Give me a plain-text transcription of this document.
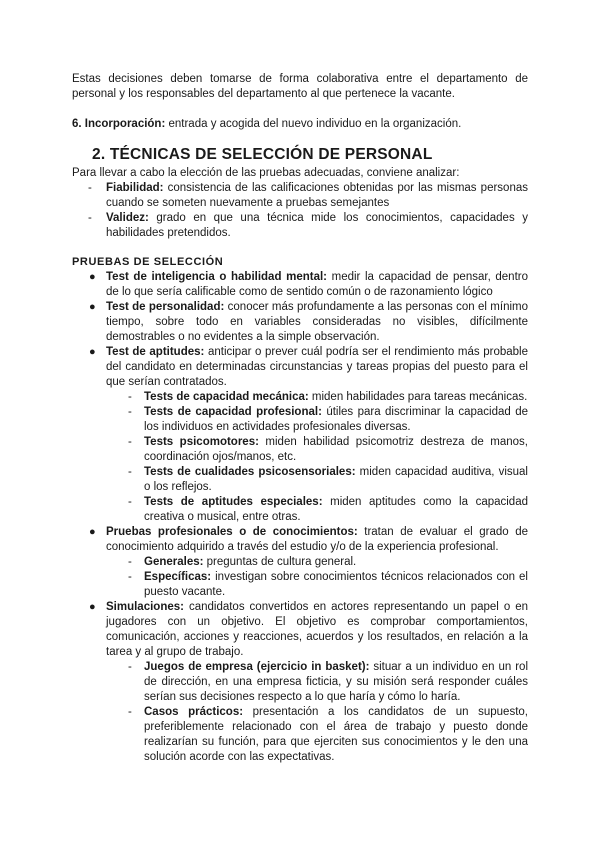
Estas decisiones deben tomarse de forma colaborativa entre el departamento de personal y los responsables del departamento al que pertenece la vacante.

6. Incorporación: entrada y acogida del nuevo individuo en la organización.

2. TÉCNICAS DE SELECCIÓN DE PERSONAL

Para llevar a cabo la elección de las pruebas adecuadas, conviene analizar:

- Fiabilidad: consistencia de las calificaciones obtenidas por las mismas personas cuando se someten nuevamente a pruebas semejantes
- Validez: grado en que una técnica mide los conocimientos, capacidades y habilidades pretendidos.
PRUEBAS DE SELECCIÓN
● Test de inteligencia o habilidad mental: medir la capacidad de pensar, dentro de lo que sería calificable como de sentido común o de razonamiento lógico
● Test de personalidad: conocer más profundamente a las personas con el mínimo tiempo, sobre todo en variables consideradas no visibles, difícilmente demostrables o no evidentes a la simple observación.
● Test de aptitudes: anticipar o prever cuál podría ser el rendimiento más probable del candidato en determinadas circunstancias y tareas propias del puesto para el que serían contratados.
- Tests de capacidad mecánica: miden habilidades para tareas mecánicas.
- Tests de capacidad profesional: útiles para discriminar la capacidad de los individuos en actividades profesionales diversas.
- Tests psicomotores: miden habilidad psicomotriz destreza de manos, coordinación ojos/manos, etc.
- Tests de cualidades psicosensoriales: miden capacidad auditiva, visual o los reflejos.
- Tests de aptitudes especiales: miden aptitudes como la capacidad creativa o musical, entre otras.
● Pruebas profesionales o de conocimientos: tratan de evaluar el grado de conocimiento adquirido a través del estudio y/o de la experiencia profesional.
- Generales: preguntas de cultura general.
- Específicas: investigan sobre conocimientos técnicos relacionados con el puesto vacante.
● Simulaciones: candidatos convertidos en actores representando un papel o en jugadores con un objetivo. El objetivo es comprobar comportamientos, comunicación, acciones y reacciones, acuerdos y los resultados, en relación a la tarea y al grupo de trabajo.
- Juegos de empresa (ejercicio in basket): situar a un individuo en un rol de dirección, en una empresa ficticia, y su misión será responder cuáles serían sus decisiones respecto a lo que haría y cómo lo haría.
- Casos prácticos: presentación a los candidatos de un supuesto, preferiblemente relacionado con el área de trabajo y puesto donde realizarían su función, para que ejerciten sus conocimientos y le den una solución acorde con las expectativas.
